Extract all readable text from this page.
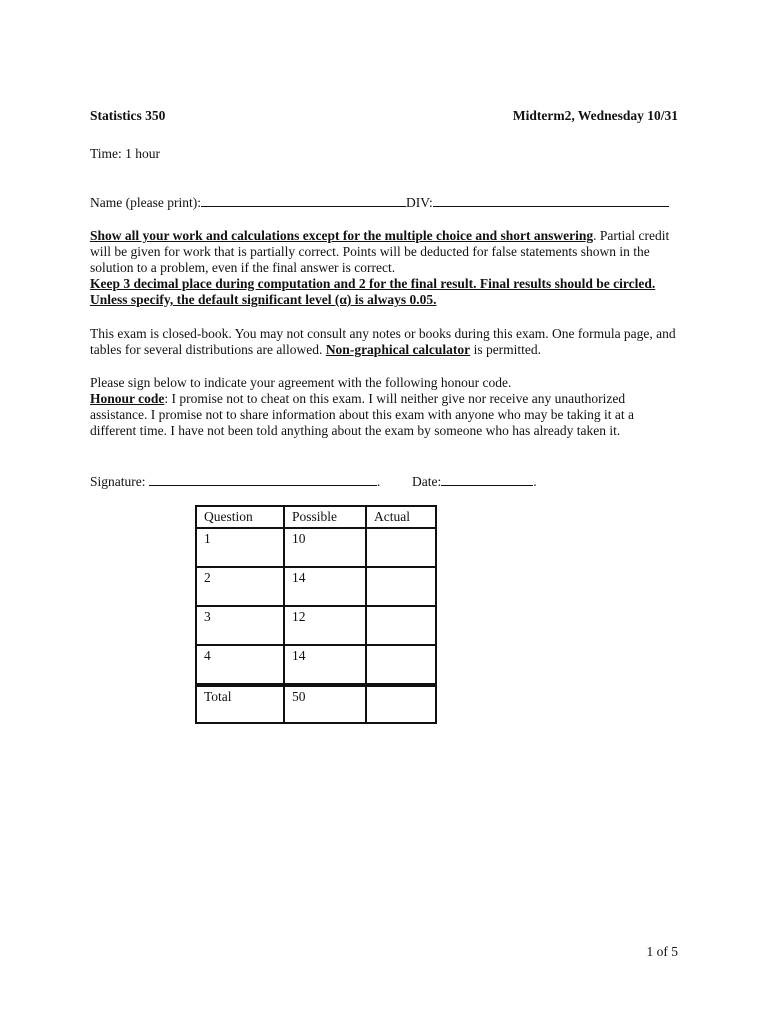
Statistics 350	Midterm2, Wednesday 10/31
Time: 1 hour
Name (please print):	DIV:
Show all your work and calculations except for the multiple choice and short answering. Partial credit will be given for work that is partially correct. Points will be deducted for false statements shown in the solution to a problem, even if the final answer is correct.
Keep 3 decimal place during computation and 2 for the final result. Final results should be circled.
Unless specify, the default significant level (α) is always 0.05.
This exam is closed-book. You may not consult any notes or books during this exam. One formula page, and tables for several distributions are allowed. Non-graphical calculator is permitted.
Please sign below to indicate your agreement with the following honour code.
Honour code: I promise not to cheat on this exam. I will neither give nor receive any unauthorized assistance. I promise not to share information about this exam with anyone who may be taking it at a different time. I have not been told anything about the exam by someone who has already taken it.
Signature:	. Date:	.
Question	Possible	Actual
1	10	
2	14	
3	12	
4	14	
Total	50	
1 of 5
